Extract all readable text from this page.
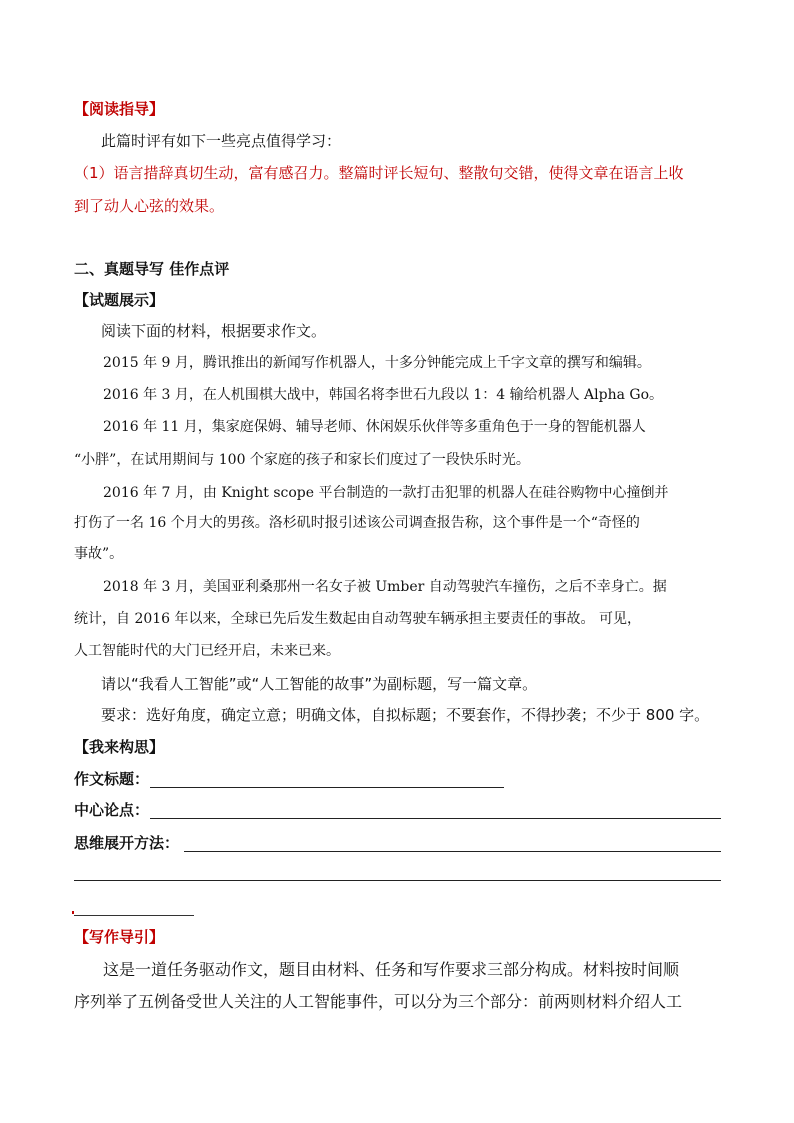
【阅读指导】
此篇时评有如下一些亮点值得学习：
（1）语言措辞真切生动，富有感召力。整篇时评长短句、整散句交错，使得文章在语言上收
到了动人心弦的效果。
二、真题导写 佳作点评
【试题展示】
阅读下面的材料，根据要求作文。
2015 年 9 月，腾讯推出的新闻写作机器人，十多分钟能完成上千字文章的撰写和编辑。
2016 年 3 月，在人机围棋大战中，韩国名将李世石九段以 1：4 输给机器人 Alpha Go。
2016 年 11 月，集家庭保姆、辅导老师、休闲娱乐伙伴等多重角色于一身的智能机器人
“小胖”，在试用期间与 100 个家庭的孩子和家长们度过了一段快乐时光。
2016 年 7 月，由 Knight scope 平台制造的一款打击犯罪的机器人在硅谷购物中心撞倒并
打伤了一名 16 个月大的男孩。洛杉矶时报引述该公司调查报告称，这个事件是一个“奇怪的
事故”。
2018 年 3 月，美国亚利桑那州一名女子被 Umber 自动驾驶汽车撞伤，之后不幸身亡。据
统计，自 2016 年以来，全球已先后发生数起由自动驾驶车辆承担主要责任的事故。 可见，
人工智能时代的大门已经开启，未来已来。
请以“我看人工智能”或“人工智能的故事”为副标题，写一篇文章。
要求：选好角度，确定立意；明确文体，自拟标题；不要套作，不得抄袭；不少于 800 字。
【我来构思】
作文标题：
中心论点：
思维展开方法：
【写作导引】
这是一道任务驱动作文，题目由材料、任务和写作要求三部分构成。材料按时间顺
序列举了五例备受世人关注的人工智能事件，可以分为三个部分：前两则材料介绍人工
